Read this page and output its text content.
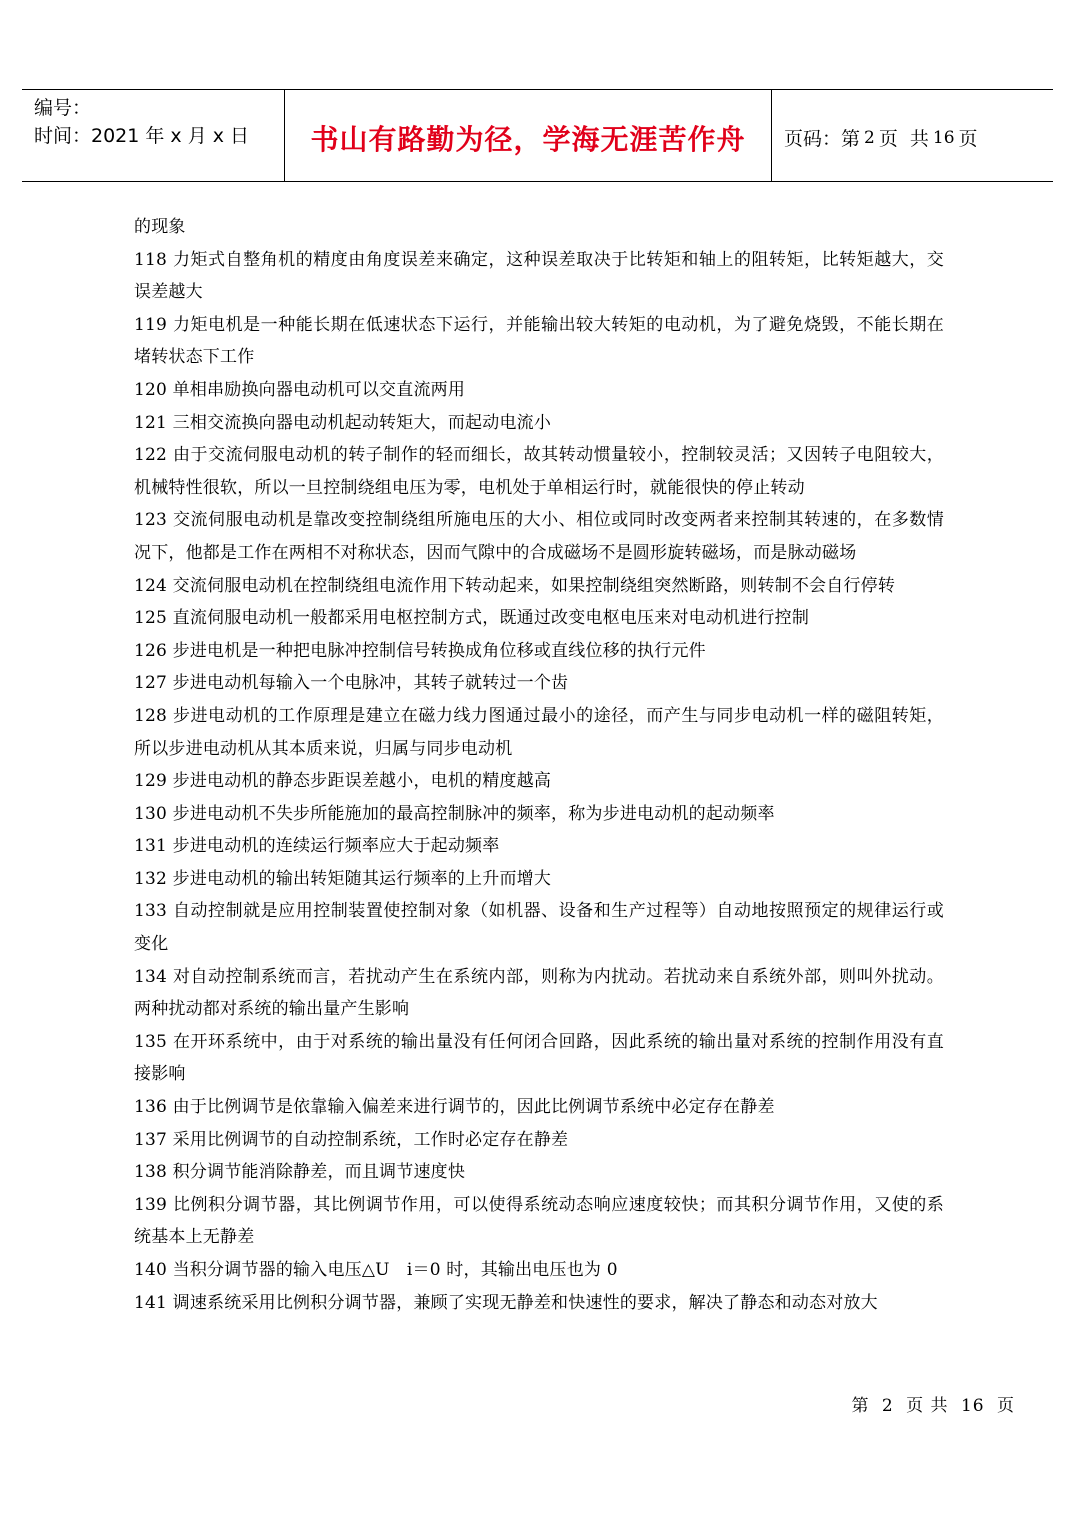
编号：
时间：2021 年 x 月 x 日	书山有路勤为径，学海无涯苦作舟	页码：第 2 页 共 16 页

的现象

118 力矩式自整角机的精度由角度误差来确定，这种误差取决于比转矩和轴上的阻转矩，比转矩越大，交误差越大

119 力矩电机是一种能长期在低速状态下运行，并能输出较大转矩的电动机，为了避免烧毁，不能长期在堵转状态下工作

120 单相串励换向器电动机可以交直流两用

121 三相交流换向器电动机起动转矩大，而起动电流小

122 由于交流伺服电动机的转子制作的轻而细长，故其转动惯量较小，控制较灵活；又因转子电阻较大，机械特性很软，所以一旦控制绕组电压为零，电机处于单相运行时，就能很快的停止转动

123 交流伺服电动机是靠改变控制绕组所施电压的大小、相位或同时改变两者来控制其转速的，在多数情况下，他都是工作在两相不对称状态，因而气隙中的合成磁场不是圆形旋转磁场，而是脉动磁场

124 交流伺服电动机在控制绕组电流作用下转动起来，如果控制绕组突然断路，则转制不会自行停转

125 直流伺服电动机一般都采用电枢控制方式，既通过改变电枢电压来对电动机进行控制

126 步进电机是一种把电脉冲控制信号转换成角位移或直线位移的执行元件

127 步进电动机每输入一个电脉冲，其转子就转过一个齿

128 步进电动机的工作原理是建立在磁力线力图通过最小的途径，而产生与同步电动机一样的磁阻转矩，所以步进电动机从其本质来说，归属与同步电动机

129 步进电动机的静态步距误差越小，电机的精度越高

130 步进电动机不失步所能施加的最高控制脉冲的频率，称为步进电动机的起动频率

131 步进电动机的连续运行频率应大于起动频率

132 步进电动机的输出转矩随其运行频率的上升而增大

133 自动控制就是应用控制装置使控制对象（如机器、设备和生产过程等）自动地按照预定的规律运行或变化

134 对自动控制系统而言，若扰动产生在系统内部，则称为内扰动。若扰动来自系统外部，则叫外扰动。两种扰动都对系统的输出量产生影响

135 在开环系统中，由于对系统的输出量没有任何闭合回路，因此系统的输出量对系统的控制作用没有直接影响

136 由于比例调节是依靠输入偏差来进行调节的，因此比例调节系统中必定存在静差

137 采用比例调节的自动控制系统，工作时必定存在静差

138 积分调节能消除静差，而且调节速度快

139 比例积分调节器，其比例调节作用，可以使得系统动态响应速度较快；而其积分调节作用，又使的系统基本上无静差

140 当积分调节器的输入电压△U　i＝0 时，其输出电压也为 0

141 调速系统采用比例积分调节器，兼顾了实现无静差和快速性的要求，解决了静态和动态对放大

第 2 页 共 16 页
